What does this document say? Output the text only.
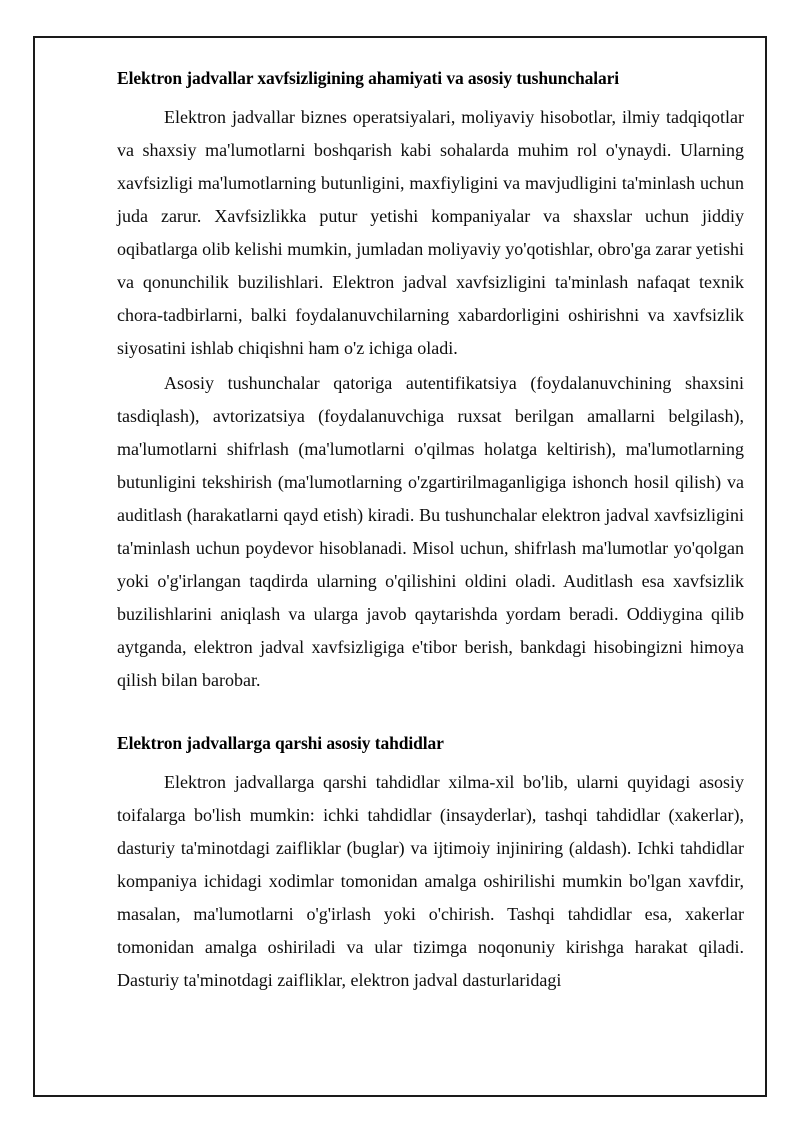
Elektron jadvallar xavfsizligining ahamiyati va asosiy tushunchalari

Elektron jadvallar biznes operatsiyalari, moliyaviy hisobotlar, ilmiy tadqiqotlar va shaxsiy ma'lumotlarni boshqarish kabi sohalarda muhim rol o'ynaydi. Ularning xavfsizligi ma'lumotlarning butunligini, maxfiyligini va mavjudligini ta'minlash uchun juda zarur. Xavfsizlikka putur yetishi kompaniyalar va shaxslar uchun jiddiy oqibatlarga olib kelishi mumkin, jumladan moliyaviy yo'qotishlar, obro'ga zarar yetishi va qonunchilik buzilishlari. Elektron jadval xavfsizligini ta'minlash nafaqat texnik chora-tadbirlarni, balki foydalanuvchilarning xabardorligini oshirishni va xavfsizlik siyosatini ishlab chiqishni ham o'z ichiga oladi.

Asosiy tushunchalar qatoriga autentifikatsiya (foydalanuvchining shaxsini tasdiqlash), avtorizatsiya (foydalanuvchiga ruxsat berilgan amallarni belgilash), ma'lumotlarni shifrlash (ma'lumotlarni o'qilmas holatga keltirish), ma'lumotlarning butunligini tekshirish (ma'lumotlarning o'zgartirilmaganligiga ishonch hosil qilish) va auditlash (harakatlarni qayd etish) kiradi. Bu tushunchalar elektron jadval xavfsizligini ta'minlash uchun poydevor hisoblanadi. Misol uchun, shifrlash ma'lumotlar yo'qolgan yoki o'g'irlangan taqdirda ularning o'qilishini oldini oladi. Auditlash esa xavfsizlik buzilishlarini aniqlash va ularga javob qaytarishda yordam beradi. Oddiygina qilib aytganda, elektron jadval xavfsizligiga e'tibor berish, bankdagi hisobingizni himoya qilish bilan barobar.

Elektron jadvallarga qarshi asosiy tahdidlar

Elektron jadvallarga qarshi tahdidlar xilma-xil bo'lib, ularni quyidagi asosiy toifalarga bo'lish mumkin: ichki tahdidlar (insayderlar), tashqi tahdidlar (xakerlar), dasturiy ta'minotdagi zaifliklar (buglar) va ijtimoiy injiniring (aldash). Ichki tahdidlar kompaniya ichidagi xodimlar tomonidan amalga oshirilishi mumkin bo'lgan xavfdir, masalan, ma'lumotlarni o'g'irlash yoki o'chirish. Tashqi tahdidlar esa, xakerlar tomonidan amalga oshiriladi va ular tizimga noqonuniy kirishga harakat qiladi. Dasturiy ta'minotdagi zaifliklar, elektron jadval dasturlaridagi
